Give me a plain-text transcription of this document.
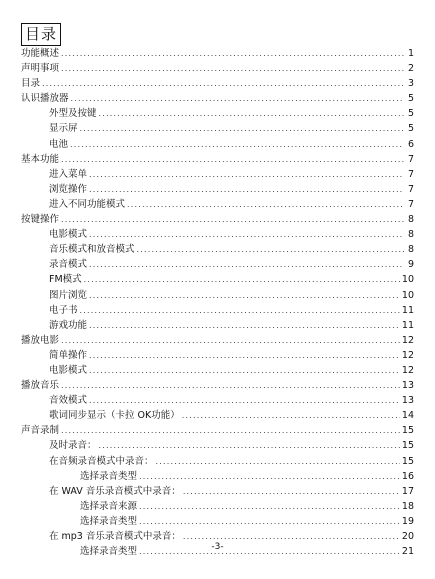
目录
功能概述 .....	1
声明事项 .....	2
目录 .....	3
认识播放器 .....	5
外型及按键 .....	5
显示屏 .....	5
电池 .....	6
基本功能 .....	7
进入菜单 .....	7
浏览操作 .....	7
进入不同功能模式 .....	7
按键操作 .....	8
电影模式 .....	8
音乐模式和放音模式 .....	8
录音模式 .....	9
FM模式 .....	10
图片浏览 .....	10
电子书 .....	11
游戏功能 .....	11
播放电影 .....	12
简单操作 .....	12
电影模式 .....	12
播放音乐 .....	13
音效模式 .....	13
歌词同步显示（卡拉 OK功能） .....	14
声音录制 .....	15
及时录音： .....	15
在音频录音模式中录音： .....	15
选择录音类型 .....	16
在 WAV 音乐录音模式中录音： .....	17
选择录音来源 .....	18
选择录音类型 .....	19
在 mp3 音乐录音模式中录音： .....	20
选择录音类型 .....	21
-3-
